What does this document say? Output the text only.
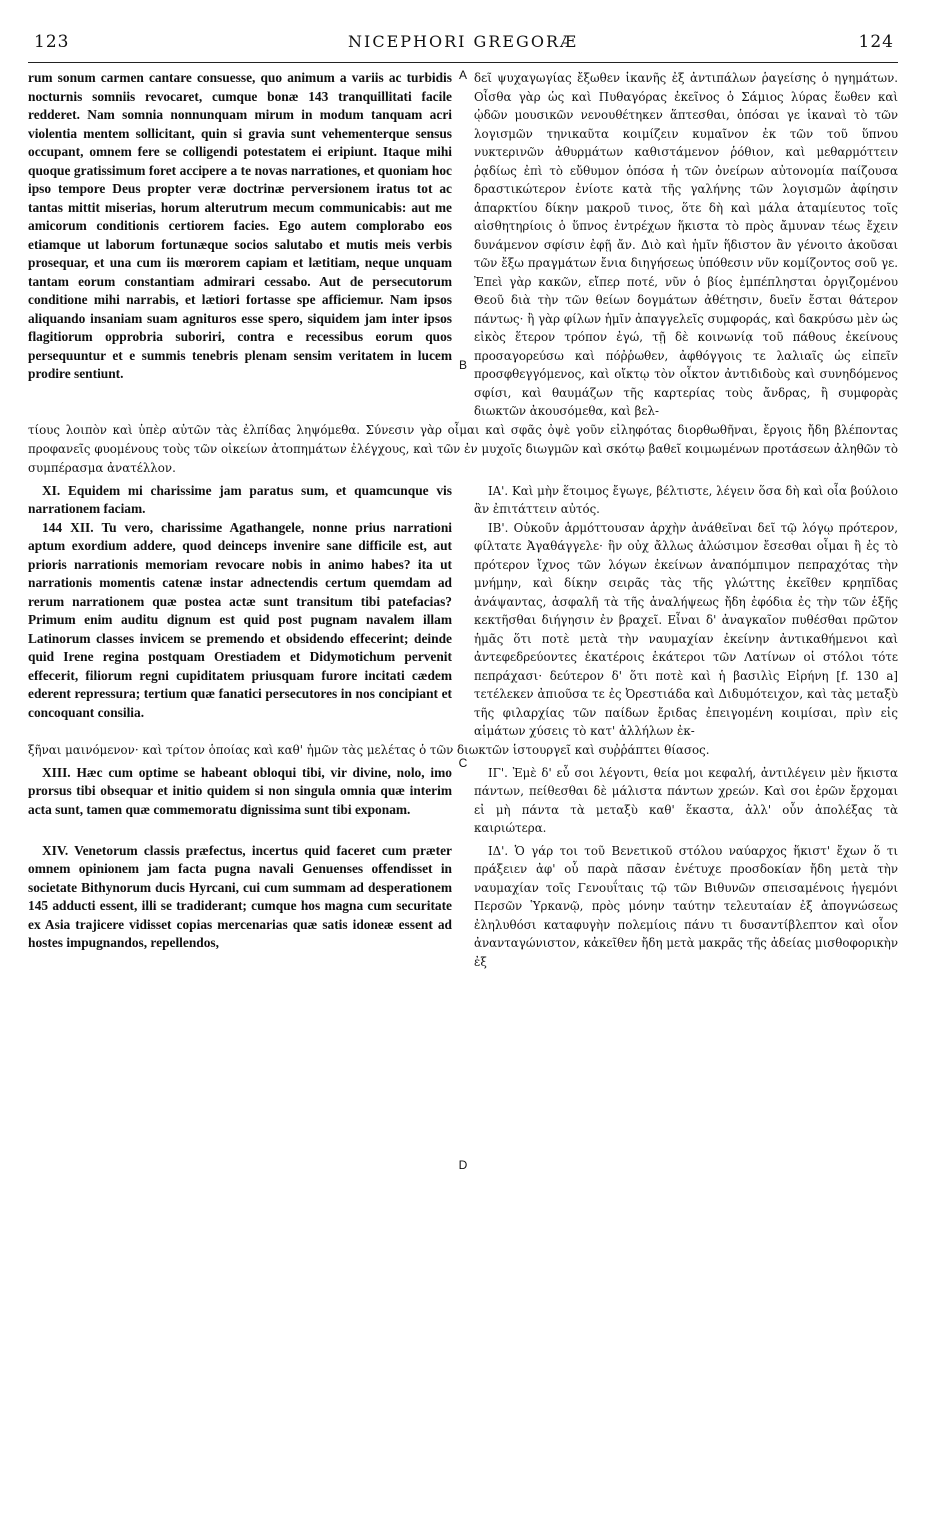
123	NICEPHORI GREGORÆ	124
rum sonum carmen cantare consuesse, quo animum a variis ac turbidis nocturnis somniis revocaret, cumque bonæ 143 tranquillitati facile redderet. Nam somnia nonnunquam mirum in modum tanquam acri violentia mentem sollicitant, quin si gravia sunt vehementerque sensus occupant, omnem fere se colligendi potestatem ei eripiunt. Itaque mihi quoque gratissimum foret accipere a te novas narrationes, et quoniam hoc ipso tempore Deus propter veræ doctrinæ perversionem iratus tot ac tantas mittit miserias, horum alterutrum mecum communicabis: aut me amicorum conditionis certiorem facies. Ego autem complorabo eos etiamque ut laborum fortunæque socios salutabo et mutis meis verbis prosequar, et una cum iis mœrorem capiam et lætitiam, neque unquam tantam eorum constantiam admirari cessabo. Aut de persecutorum conditione mihi narrabis, et lætiori fortasse spe afficiemur. Nam ipsos aliquando insaniam suam agnituros esse spero, siquidem jam inter ipsos flagitiorum opprobria suboriri, contra e recessibus eorum quos persequuntur et e summis tenebris plenam sensim veritatem in lucem prodire sentiunt.
δεῖ ψυχαγωγίας ἔξωθεν ἱκανῆς ἐξ ἀντιπάλων ῥαγείσης ὁ ηγημάτων. Οἶσθα γὰρ ὡς καὶ Πυθαγόρας ἐκεῖνος ὁ Σάμιος λύρας ἕωθεν καὶ ᾠδῶν μουσικῶν νενουθέτηκεν ἅπτεσθαι, ὁπόσαι γε ἱκαναὶ τὸ τῶν λογισμῶν τηνικαῦτα κοιμίζειν κυμαῖνον ἐκ τῶν τοῦ ὕπνου νυκτερινῶν ἀθυρμάτων καθιστάμενον ῥόθιον, καὶ μεθαρμόττειν ῥᾳδίως ἐπὶ τὸ εὔθυμον ὁπόσα ἡ τῶν ὀνείρων αὐτονομία παίζουσα δραστικώτερον ἐνίοτε κατὰ τῆς γαλήνης τῶν λογισμῶν ἀφίησιν ἀπαρκτίου δίκην μακροῦ τινος, ὅτε δὴ καὶ μάλα ἀταμίευτος τοῖς αἰσθητηρίοις ὁ ὕπνος ἐντρέχων ἥκιστα τὸ πρὸς ἄμυναν τέως ἔχειν δυνάμενον σφίσιν ἐφῇ ἄν. Διὸ καὶ ἡμῖν ἥδιστον ἂν γένοιτο ἀκοῦσαι τῶν ἔξω πραγμάτων ἔνια διηγήσεως ὑπόθεσιν νῦν κομίζοντος σοῦ γε. Ἐπεὶ γὰρ κακῶν, εἴπερ ποτέ, νῦν ὁ βίος ἐμπέπλησται ὀργιζομένου Θεοῦ διὰ τὴν τῶν θείων δογμάτων ἀθέτησιν, δυεῖν ἔσται θάτερον πάντως· ἢ γὰρ φίλων ἡμῖν ἀπαγγελεῖς συμφοράς, καὶ δακρύσω μὲν ὡς εἰκὸς ἕτερον τρόπον ἐγώ, τῇ δὲ κοινωνίᾳ τοῦ πάθους ἐκείνους προσαγορεύσω καὶ πόῤῥωθεν, ἀφθόγγοις τε λαλιαῖς ὡς εἰπεῖν προσφθεγγόμενος, καὶ οἴκτῳ τὸν οἶκτον ἀντιδιδοὺς καὶ συνηδόμενος σφίσι, καὶ θαυμάζων τῆς καρτερίας τοὺς ἄνδρας, ἢ συμφορὰς διωκτῶν ἀκουσόμεθα, καὶ βελ-
τίους λοιπὸν καὶ ὑπὲρ αὐτῶν τὰς ἐλπίδας ληψόμεθα. Σύνεσιν γὰρ οἶμαι καὶ σφᾶς ὀψὲ γοῦν εἰληφότας διορθωθῆναι, ἔργοις ἤδη βλέποντας προφανεῖς φυομένους τοὺς τῶν οἰκείων ἀτοπημάτων ἐλέγχους, καὶ τῶν ἐν μυχοῖς διωγμῶν καὶ σκότῳ βαθεῖ κοιμωμένων προτάσεων ἀληθῶν τὸ συμπέρασμα ἀνατέλλον.
XI. Equidem mi charissime jam paratus sum, et quamcunque vis narrationem faciam.
ΙΑ'. Καὶ μὴν ἕτοιμος ἔγωγε, βέλτιστε, λέγειν ὅσα δὴ καὶ οἷα βούλοιο ἂν ἐπιτάττειν αὐτός.
144 XII. Tu vero, charissime Agathangele, nonne prius narrationi aptum exordium addere, quod deinceps invenire sane difficile est, aut prioris narrationis memoriam revocare nobis in animo habes? ita ut narrationis momentis catenæ instar adnectendis certum quemdam ad rerum narrationem quæ postea actæ sunt transitum tibi patefacias? Primum enim auditu dignum est quid post pugnam navalem illam Latinorum classes invicem se premendo et obsidendo effecerint; deinde quid Irene regina postquam Orestiadem et Didymotichum pervenit effecerit, filiorum regni cupiditatem priusquam furore incitati cædem ederent repressura; tertium quæ fanatici persecutores in nos concipiant et concoquant consilia.
ΙΒ'. Οὐκοῦν ἁρμόττουσαν ἀρχὴν ἀνάθεῖναι δεῖ τῷ λόγῳ πρότερον, φίλτατε Ἀγαθάγγελε· ἣν οὐχ ἄλλως ἁλώσιμον ἔσεσθαι οἶμαι ἢ ἐς τὸ πρότερον ἴχνος τῶν λόγων ἐκείνων ἀναπόμπιμον πεπραχότας τὴν μνήμην, καὶ δίκην σειρᾶς τὰς τῆς γλώττης ἐκεῖθεν κρηπῖδας ἀνάψαντας, ἀσφαλῆ τὰ τῆς ἀναλήψεως ἤδη ἐφόδια ἐς τὴν τῶν ἑξῆς κεκτῆσθαι διήγησιν ἐν βραχεῖ. Εἶναι δ' ἀναγκαῖον πυθέσθαι πρῶτον ἡμᾶς ὅτι ποτὲ μετὰ τὴν ναυμαχίαν ἐκείνην ἀντικαθήμενοι καὶ ἀντεφεδρεύοντες ἑκατέροις ἑκάτεροι τῶν Λατίνων οἱ στόλοι τότε πεπράχασι· δεύτερον δ' ὅτι ποτὲ καὶ ἡ βασιλὶς Εἰρήνη [f. 130 a] τετέλεκεν ἀπιοῦσα τε ἐς Ὀρεστιάδα καὶ Διδυμότειχον, καὶ τὰς μεταξὺ τῆς φιλαρχίας τῶν παίδων ἔριδας ἐπειγομένη κοιμίσαι, πρὶν εἰς αἱμάτων χύσεις τὸ κατ' ἀλλήλων ἐκ-
ξῆναι μαινόμενον· καὶ τρίτον ὁποίας καὶ καθ' ἡμῶν τὰς μελέτας ὁ τῶν διωκτῶν ἱστουργεῖ καὶ συῤῥάπτει θίασος.
XIII. Hæc cum optime se habeant obloqui tibi, vir divine, nolo, imo prorsus tibi obsequar et initio quidem si non singula omnia quæ interim acta sunt, tamen quæ commemoratu dignissima sunt tibi exponam.
ΙΓ'. Ἐμὲ δ' εὖ σοι λέγοντι, θεία μοι κεφαλή, ἀντιλέγειν μὲν ἥκιστα πάντων, πείθεσθαι δὲ μάλιστα πάντων χρεών. Καὶ σοι ἐρῶν ἔρχομαι εἰ μὴ πάντα τὰ μεταξὺ καθ' ἕκαστα, ἀλλ' οὖν ἀπολέξας τὰ καιριώτερα.
XIV. Venetorum classis præfectus, incertus quid faceret cum præter omnem opinionem jam facta pugna navali Genuenses offendisset in societate Bithynorum ducis Hyrcani, cui cum summam ad desperationem 145 adducti essent, illi se tradiderant; cumque hos magna cum securitate ex Asia trajicere vidisset copias mercenarias quæ satis idoneæ essent ad hostes impugnandos, repellendos,
ΙΔ'. Ὁ γάρ τοι τοῦ Βενετικοῦ στόλου ναύαρχος ἥκιστ' ἔχων ὅ τι πράξειεν ἀφ' οὗ παρὰ πᾶσαν ἐνέτυχε προσδοκίαν ἤδη μετὰ τὴν ναυμαχίαν τοῖς Γενουΐταις τῷ τῶν Βιθυνῶν σπεισαμένοις ἡγεμόνι Περσῶν Ὑρκανῷ, πρὸς μόνην ταύτην τελευταίαν ἐξ ἀπογνώσεως ἐληλυθόσι καταφυγὴν πολεμίοις πάνυ τι δυσαντίβλεπτον καὶ οἷον ἀνανταγώνιστον, κἀκεῖθεν ἤδη μετὰ μακρᾶς τῆς ἀδείας μισθοφορικὴν ἐξ
A
B
C
D
